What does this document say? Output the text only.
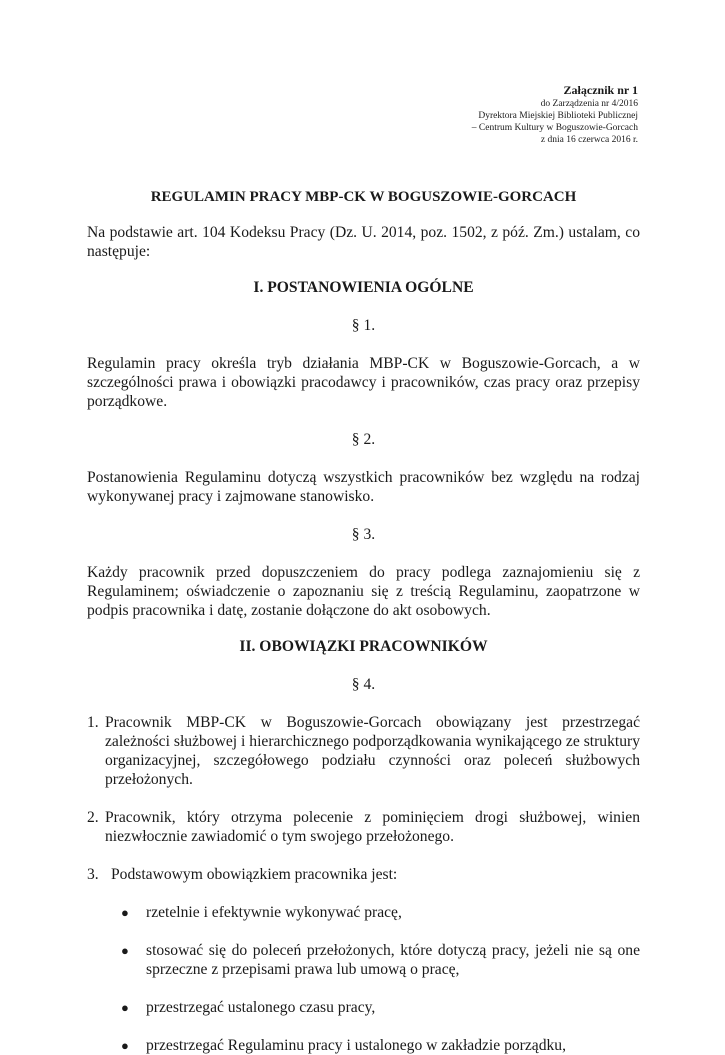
Załącznik nr 1
do Zarządzenia nr 4/2016
Dyrektora Miejskiej Biblioteki Publicznej
– Centrum Kultury w Boguszowie-Gorcach
z dnia 16 czerwca 2016 r.

REGULAMIN PRACY MBP-CK W BOGUSZOWIE-GORCACH

Na podstawie art. 104 Kodeksu Pracy (Dz. U. 2014, poz. 1502, z póź. Zm.) ustalam, co następuje:

I. POSTANOWIENIA OGÓLNE

§ 1.

Regulamin pracy określa tryb działania MBP-CK w Boguszowie-Gorcach, a w szczególności prawa i obowiązki pracodawcy i pracowników, czas pracy oraz przepisy porządkowe.

§ 2.

Postanowienia Regulaminu dotyczą wszystkich pracowników bez względu na rodzaj wykonywanej pracy i zajmowane stanowisko.

§ 3.

Każdy pracownik przed dopuszczeniem do pracy podlega zaznajomieniu się z Regulaminem; oświadczenie o zapoznaniu się z treścią Regulaminu, zaopatrzone w podpis pracownika i datę, zostanie dołączone do akt osobowych.

II. OBOWIĄZKI PRACOWNIKÓW

§ 4.

1. Pracownik MBP-CK w Boguszowie-Gorcach obowiązany jest przestrzegać zależności służbowej i hierarchicznego podporządkowania wynikającego ze struktury organizacyjnej, szczegółowego podziału czynności oraz poleceń służbowych przełożonych.
2. Pracownik, który otrzyma polecenie z pominięciem drogi służbowej, winien niezwłocznie zawiadomić o tym swojego przełożonego.
3. Podstawowym obowiązkiem pracownika jest:
●	rzetelnie i efektywnie wykonywać pracę,
●	stosować się do poleceń przełożonych, które dotyczą pracy, jeżeli nie są one sprzeczne z przepisami prawa lub umową o pracę,
●	przestrzegać ustalonego czasu pracy,
●	przestrzegać Regulaminu pracy i ustalonego w zakładzie porządku,
